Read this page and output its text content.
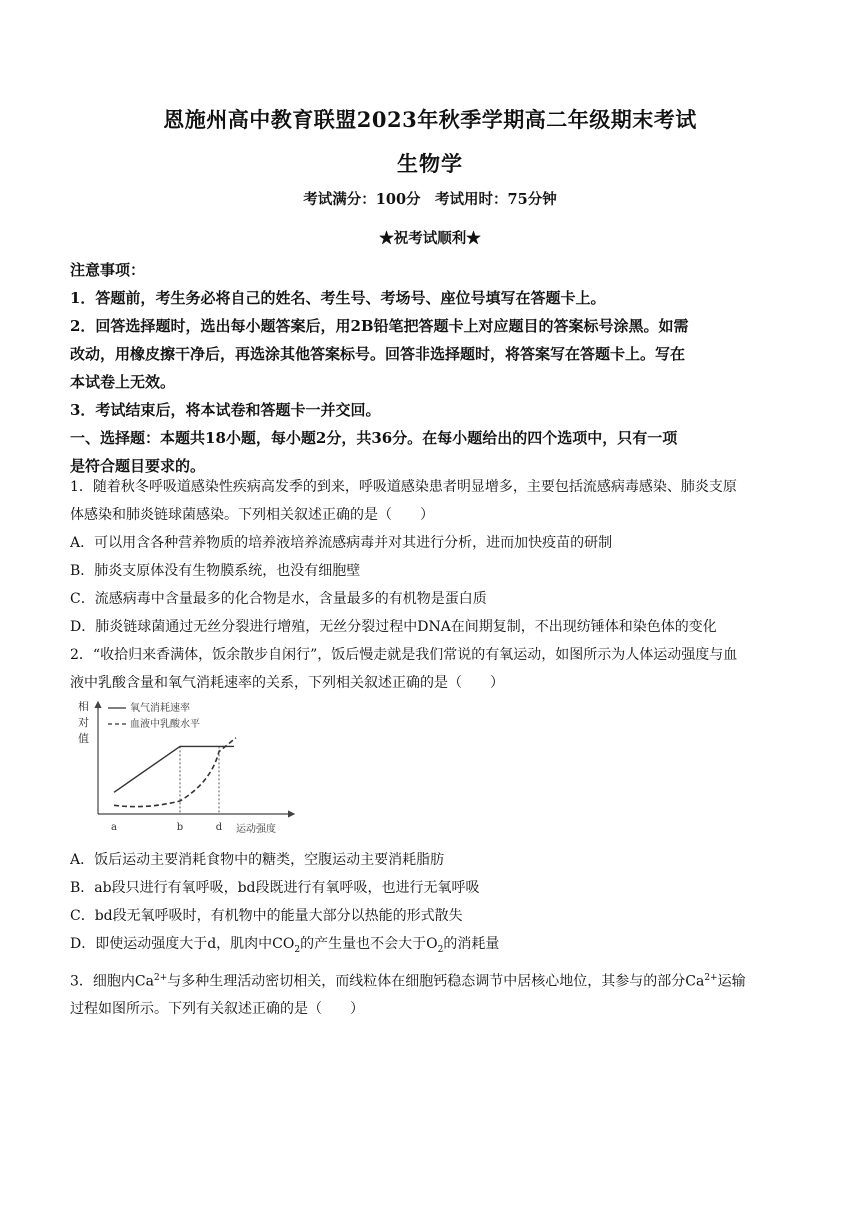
恩施州高中教育联盟2023年秋季学期高二年级期末考试
生物学
考试满分：100分　考试用时：75分钟
★祝考试顺利★
注意事项：
1．答题前，考生务必将自己的姓名、考生号、考场号、座位号填写在答题卡上。
2．回答选择题时，选出每小题答案后，用2B铅笔把答题卡上对应题目的答案标号涂黑。如需
改动，用橡皮擦干净后，再选涂其他答案标号。回答非选择题时，将答案写在答题卡上。写在
本试卷上无效。
3．考试结束后，将本试卷和答题卡一并交回。
一、选择题：本题共18小题，每小题2分，共36分。在每小题给出的四个选项中，只有一项
是符合题目要求的。
1．随着秋冬呼吸道感染性疾病高发季的到来，呼吸道感染患者明显增多，主要包括流感病毒感染、肺炎支原
体感染和肺炎链球菌感染。下列相关叙述正确的是（　　）
A．可以用含各种营养物质的培养液培养流感病毒并对其进行分析，进而加快疫苗的研制
B．肺炎支原体没有生物膜系统，也没有细胞壁
C．流感病毒中含量最多的化合物是水，含量最多的有机物是蛋白质
D．肺炎链球菌通过无丝分裂进行增殖，无丝分裂过程中DNA在间期复制，不出现纺锤体和染色体的变化
2．“收拾归来香满体，饭余散步自闲行”，饭后慢走就是我们常说的有氧运动，如图所示为人体运动强度与血
液中乳酸含量和氧气消耗速率的关系，下列相关叙述正确的是（　　）
相
对
值
氧气消耗速率
血液中乳酸水平
a	b	d 运动强度
A．饭后运动主要消耗食物中的糖类，空腹运动主要消耗脂肪
B．ab段只进行有氧呼吸，bd段既进行有氧呼吸，也进行无氧呼吸
C．bd段无氧呼吸时，有机物中的能量大部分以热能的形式散失
D．即使运动强度大于d，肌肉中$CO_2$的产生量也不会大于$O_2$的消耗量
3．细胞内$Ca^{2+}$与多种生理活动密切相关，而线粒体在细胞钙稳态调节中居核心地位，其参与的部分$Ca^{2+}$运输
过程如图所示。下列有关叙述正确的是（　　）
